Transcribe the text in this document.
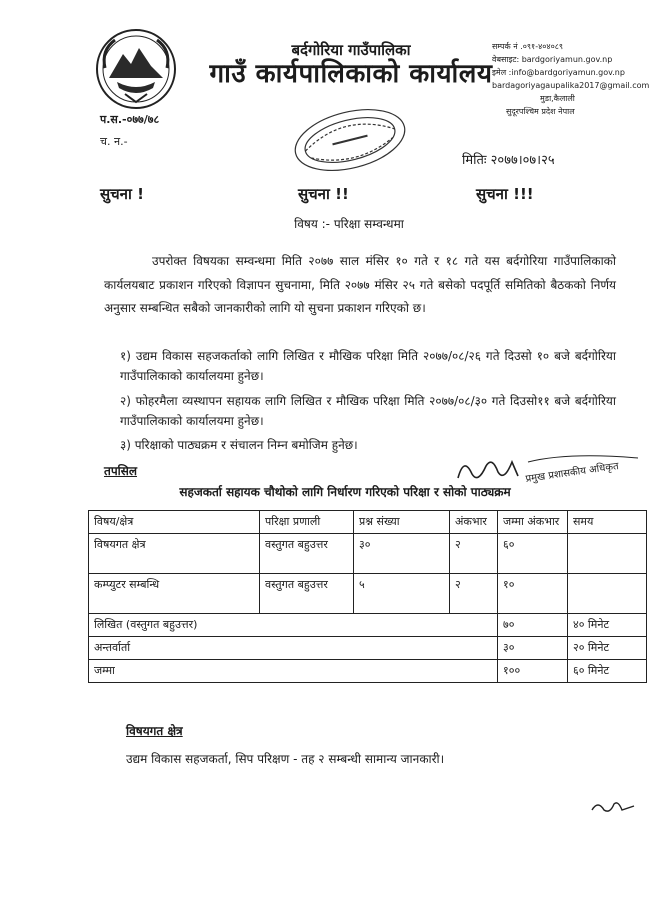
बर्दगोरिया गाउँपालिका
गाउँ कार्यपालिकाको कार्यालय
सम्पर्क नं .०९१-४०४०८९
वेबसाइट: bardgoriyamun.gov.np
इमेल :info@bardgoriyamun.gov.np
bardagoriyagaupalika2017@gmail.com
मुडा,कैलाली
सुदूरपश्चिम प्रदेश नेपाल
प.स.-०७७/७८
च. न.-
मितिः २०७७।०७।२५
सुचना !	सुचना !!	सुचना !!!
विषय :- परिक्षा सम्वन्धमा
उपरोक्त विषयका सम्वन्धमा मिति २०७७ साल मंसिर १० गते र १८ गते यस बर्दगोरिया गाउँपालिकाको कार्यलयबाट प्रकाशन गरिएको विज्ञापन सुचनामा, मिति २०७७ मंसिर २५ गते बसेको पदपूर्ति समितिको बैठकको निर्णय अनुसार सम्बन्धित सबैको जानकारीको लागि यो सुचना प्रकाशन गरिएको छ।
१) उद्यम विकास सहजकर्ताको लागि लिखित र मौखिक परिक्षा मिति २०७७/०८/२६ गते दिउसो १० बजे बर्दगोरिया गाउँपालिकाको कार्यालयमा हुनेछ।
२) फोहरमैला व्यस्थापन सहायक लागि लिखित र मौखिक परिक्षा मिति २०७७/०८/३० गते दिउसो११ बजे बर्दगोरिया गाउँपालिकाको कार्यालयमा हुनेछ।
३) परिक्षाको पाठ्यक्रम र संचालन निम्न बमोजिम हुनेछ।
तपसिल	प्रमुख प्रशासकीय अधिकृत
सहजकर्ता सहायक चौथोको लागि निर्धारण गरिएको परिक्षा र सोको पाठ्यक्रम
विषय/क्षेत्र	परिक्षा प्रणाली	प्रश्न संख्या	अंकभार	जम्मा अंकभार	समय
विषयगत क्षेत्र	वस्तुगत बहुउत्तर	३०	२	६०	
कम्प्युटर सम्बन्धि	वस्तुगत बहुउत्तर	५	२	१०	
लिखित (वस्तुगत बहुउत्तर)				७०	४० मिनेट
अन्तर्वार्ता				३०	२० मिनेट
जम्मा				१००	६० मिनेट
विषयगत क्षेत्र
उद्यम विकास सहजकर्ता, सिप परिक्षण - तह २ सम्बन्धी सामान्य जानकारी।
